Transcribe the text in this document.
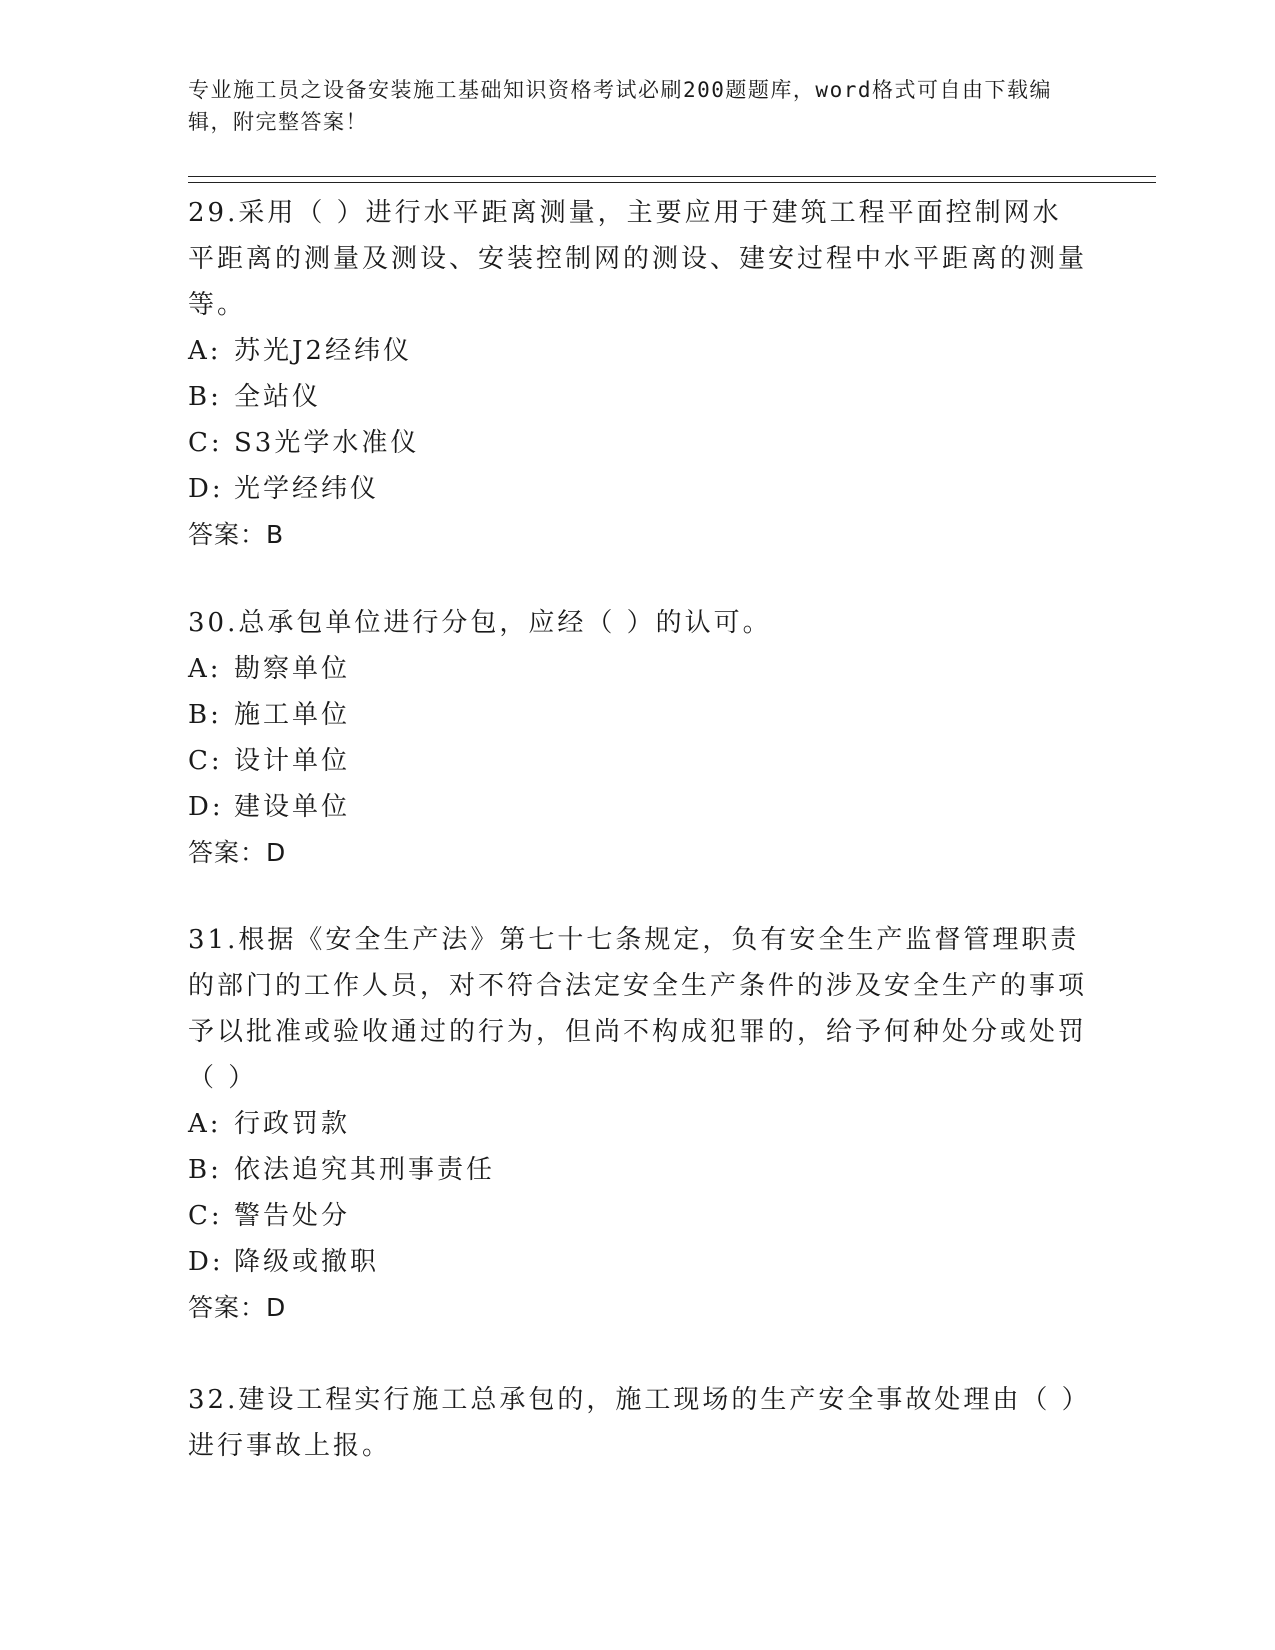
专业施工员之设备安装施工基础知识资格考试必刷200题题库，word格式可自由下载编辑，附完整答案！

29.采用（ ）进行水平距离测量，主要应用于建筑工程平面控制网水平距离的测量及测设、安装控制网的测设、建安过程中水平距离的测量等。

A: 苏光J2经纬仪

B: 全站仪

C: S3光学水准仪

D: 光学经纬仪

答案：B

30.总承包单位进行分包，应经（ ）的认可。

A: 勘察单位

B: 施工单位

C: 设计单位

D: 建设单位

答案：D

31.根据《安全生产法》第七十七条规定，负有安全生产监督管理职责的部门的工作人员，对不符合法定安全生产条件的涉及安全生产的事项予以批准或验收通过的行为，但尚不构成犯罪的，给予何种处分或处罚（ ）

A: 行政罚款

B: 依法追究其刑事责任

C: 警告处分

D: 降级或撤职

答案：D

32.建设工程实行施工总承包的，施工现场的生产安全事故处理由（ ）进行事故上报。
